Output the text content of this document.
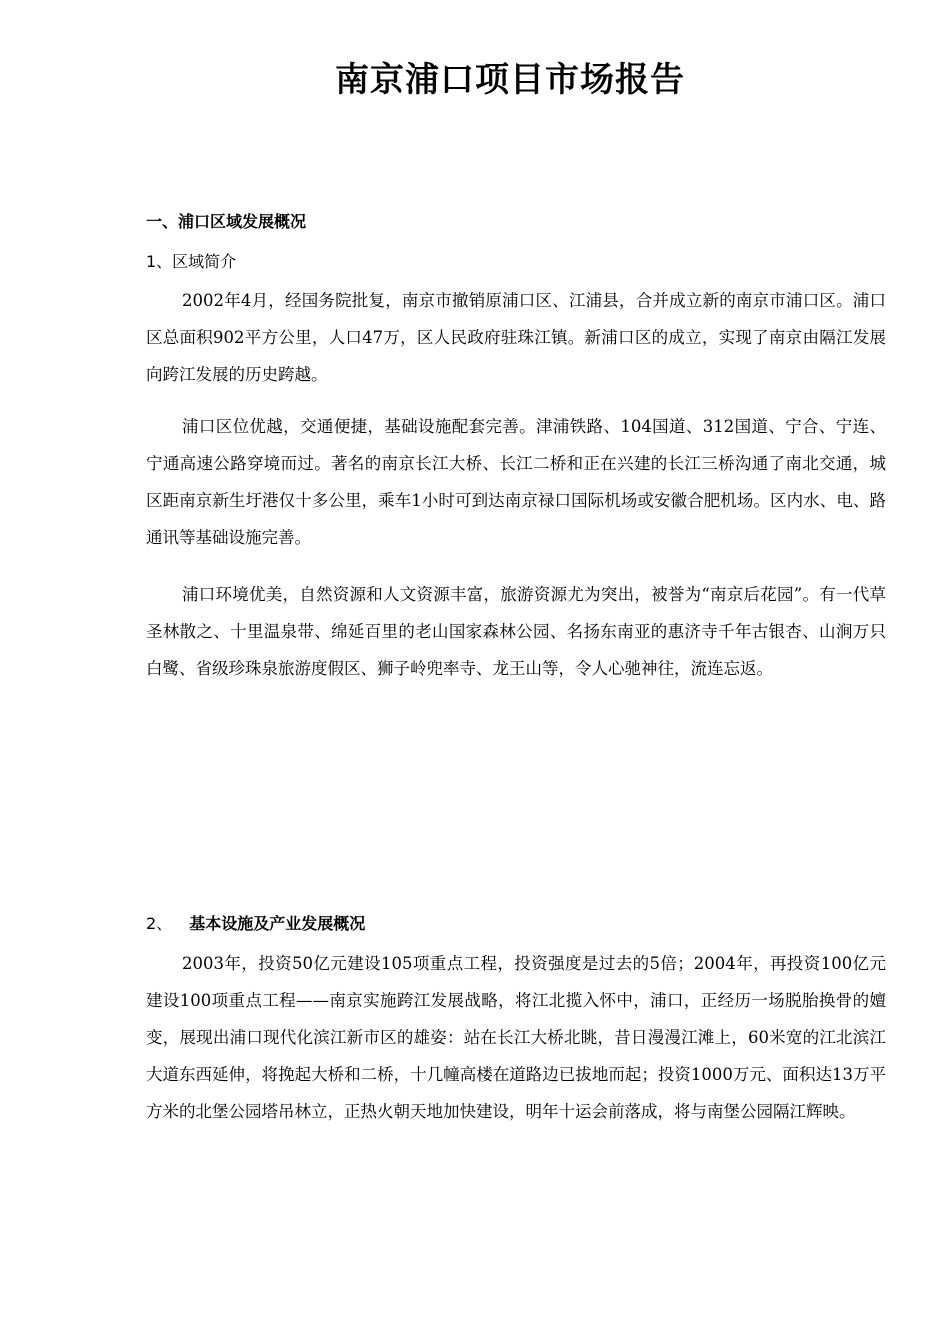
南京浦口项目市场报告
一、浦口区域发展概况
1、区域简介

2002年4月，经国务院批复，南京市撤销原浦口区、江浦县，合并成立新的南京市浦口区。浦口区总面积902平方公里，人口47万，区人民政府驻珠江镇。新浦口区的成立，实现了南京由隔江发展向跨江发展的历史跨越。

浦口区位优越，交通便捷，基础设施配套完善。津浦铁路、104国道、312国道、宁合、宁连、宁通高速公路穿境而过。著名的南京长江大桥、长江二桥和正在兴建的长江三桥沟通了南北交通，城区距南京新生圩港仅十多公里，乘车1小时可到达南京禄口国际机场或安徽合肥机场。区内水、电、路通讯等基础设施完善。

浦口环境优美，自然资源和人文资源丰富，旅游资源尤为突出，被誉为“南京后花园”。有一代草圣林散之、十里温泉带、绵延百里的老山国家森林公园、名扬东南亚的惠济寺千年古银杏、山涧万只白鹭、省级珍珠泉旅游度假区、狮子岭兜率寺、龙王山等，令人心驰神往，流连忘返。

2、 基本设施及产业发展概况

2003年，投资50亿元建设105项重点工程，投资强度是过去的5倍；2004年，再投资100亿元建设100项重点工程——南京实施跨江发展战略，将江北揽入怀中，浦口，正经历一场脱胎换骨的嬗变，展现出浦口现代化滨江新市区的雄姿：站在长江大桥北眺，昔日漫漫江滩上，60米宽的江北滨江大道东西延伸，将挽起大桥和二桥，十几幢高楼在道路边已拔地而起；投资1000万元、面积达13万平方米的北堡公园塔吊林立，正热火朝天地加快建设，明年十运会前落成，将与南堡公园隔江辉映。
